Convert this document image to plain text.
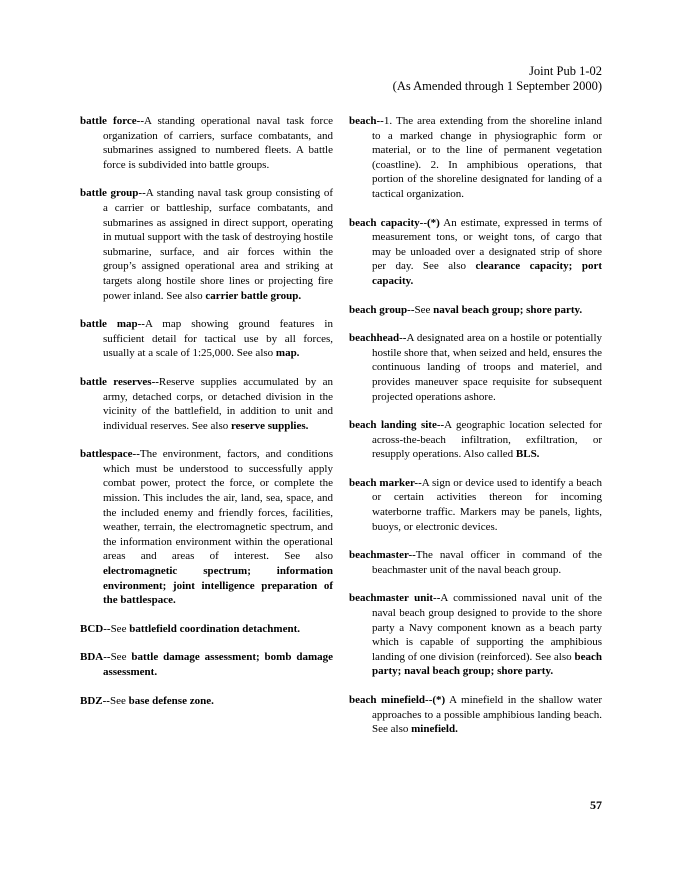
Joint Pub 1-02
(As Amended through 1 September 2000)

battle force--A standing operational naval task force organization of carriers, surface combatants, and submarines assigned to numbered fleets. A battle force is subdivided into battle groups.

battle group--A standing naval task group consisting of a carrier or battleship, surface combatants, and submarines as assigned in direct support, operating in mutual support with the task of destroying hostile submarine, surface, and air forces within the group’s assigned operational area and striking at targets along hostile shore lines or projecting fire power inland. See also carrier battle group.

battle map--A map showing ground features in sufficient detail for tactical use by all forces, usually at a scale of 1:25,000. See also map.

battle reserves--Reserve supplies accumulated by an army, detached corps, or detached division in the vicinity of the battlefield, in addition to unit and individual reserves. See also reserve supplies.

battlespace--The environment, factors, and conditions which must be understood to successfully apply combat power, protect the force, or complete the mission. This includes the air, land, sea, space, and the included enemy and friendly forces, facilities, weather, terrain, the electromagnetic spectrum, and the information environment within the operational areas and areas of interest. See also electromagnetic spectrum; information environment; joint intelligence preparation of the battlespace.

BCD--See battlefield coordination detachment.

BDA--See battle damage assessment; bomb damage assessment.

BDZ--See base defense zone.

beach--1. The area extending from the shoreline inland to a marked change in physiographic form or material, or to the line of permanent vegetation (coastline). 2. In amphibious operations, that portion of the shoreline designated for landing of a tactical organization.

beach capacity--(*) An estimate, expressed in terms of measurement tons, or weight tons, of cargo that may be unloaded over a designated strip of shore per day. See also clearance capacity; port capacity.

beach group--See naval beach group; shore party.

beachhead--A designated area on a hostile or potentially hostile shore that, when seized and held, ensures the continuous landing of troops and materiel, and provides maneuver space requisite for subsequent projected operations ashore.

beach landing site--A geographic location selected for across-the-beach infiltration, exfiltration, or resupply operations. Also called BLS.

beach marker--A sign or device used to identify a beach or certain activities thereon for incoming waterborne traffic. Markers may be panels, lights, buoys, or electronic devices.

beachmaster--The naval officer in command of the beachmaster unit of the naval beach group.

beachmaster unit--A commissioned naval unit of the naval beach group designed to provide to the shore party a Navy component known as a beach party which is capable of supporting the amphibious landing of one division (reinforced). See also beach party; naval beach group; shore party.

beach minefield--(*) A minefield in the shallow water approaches to a possible amphibious landing beach. See also minefield.

57
